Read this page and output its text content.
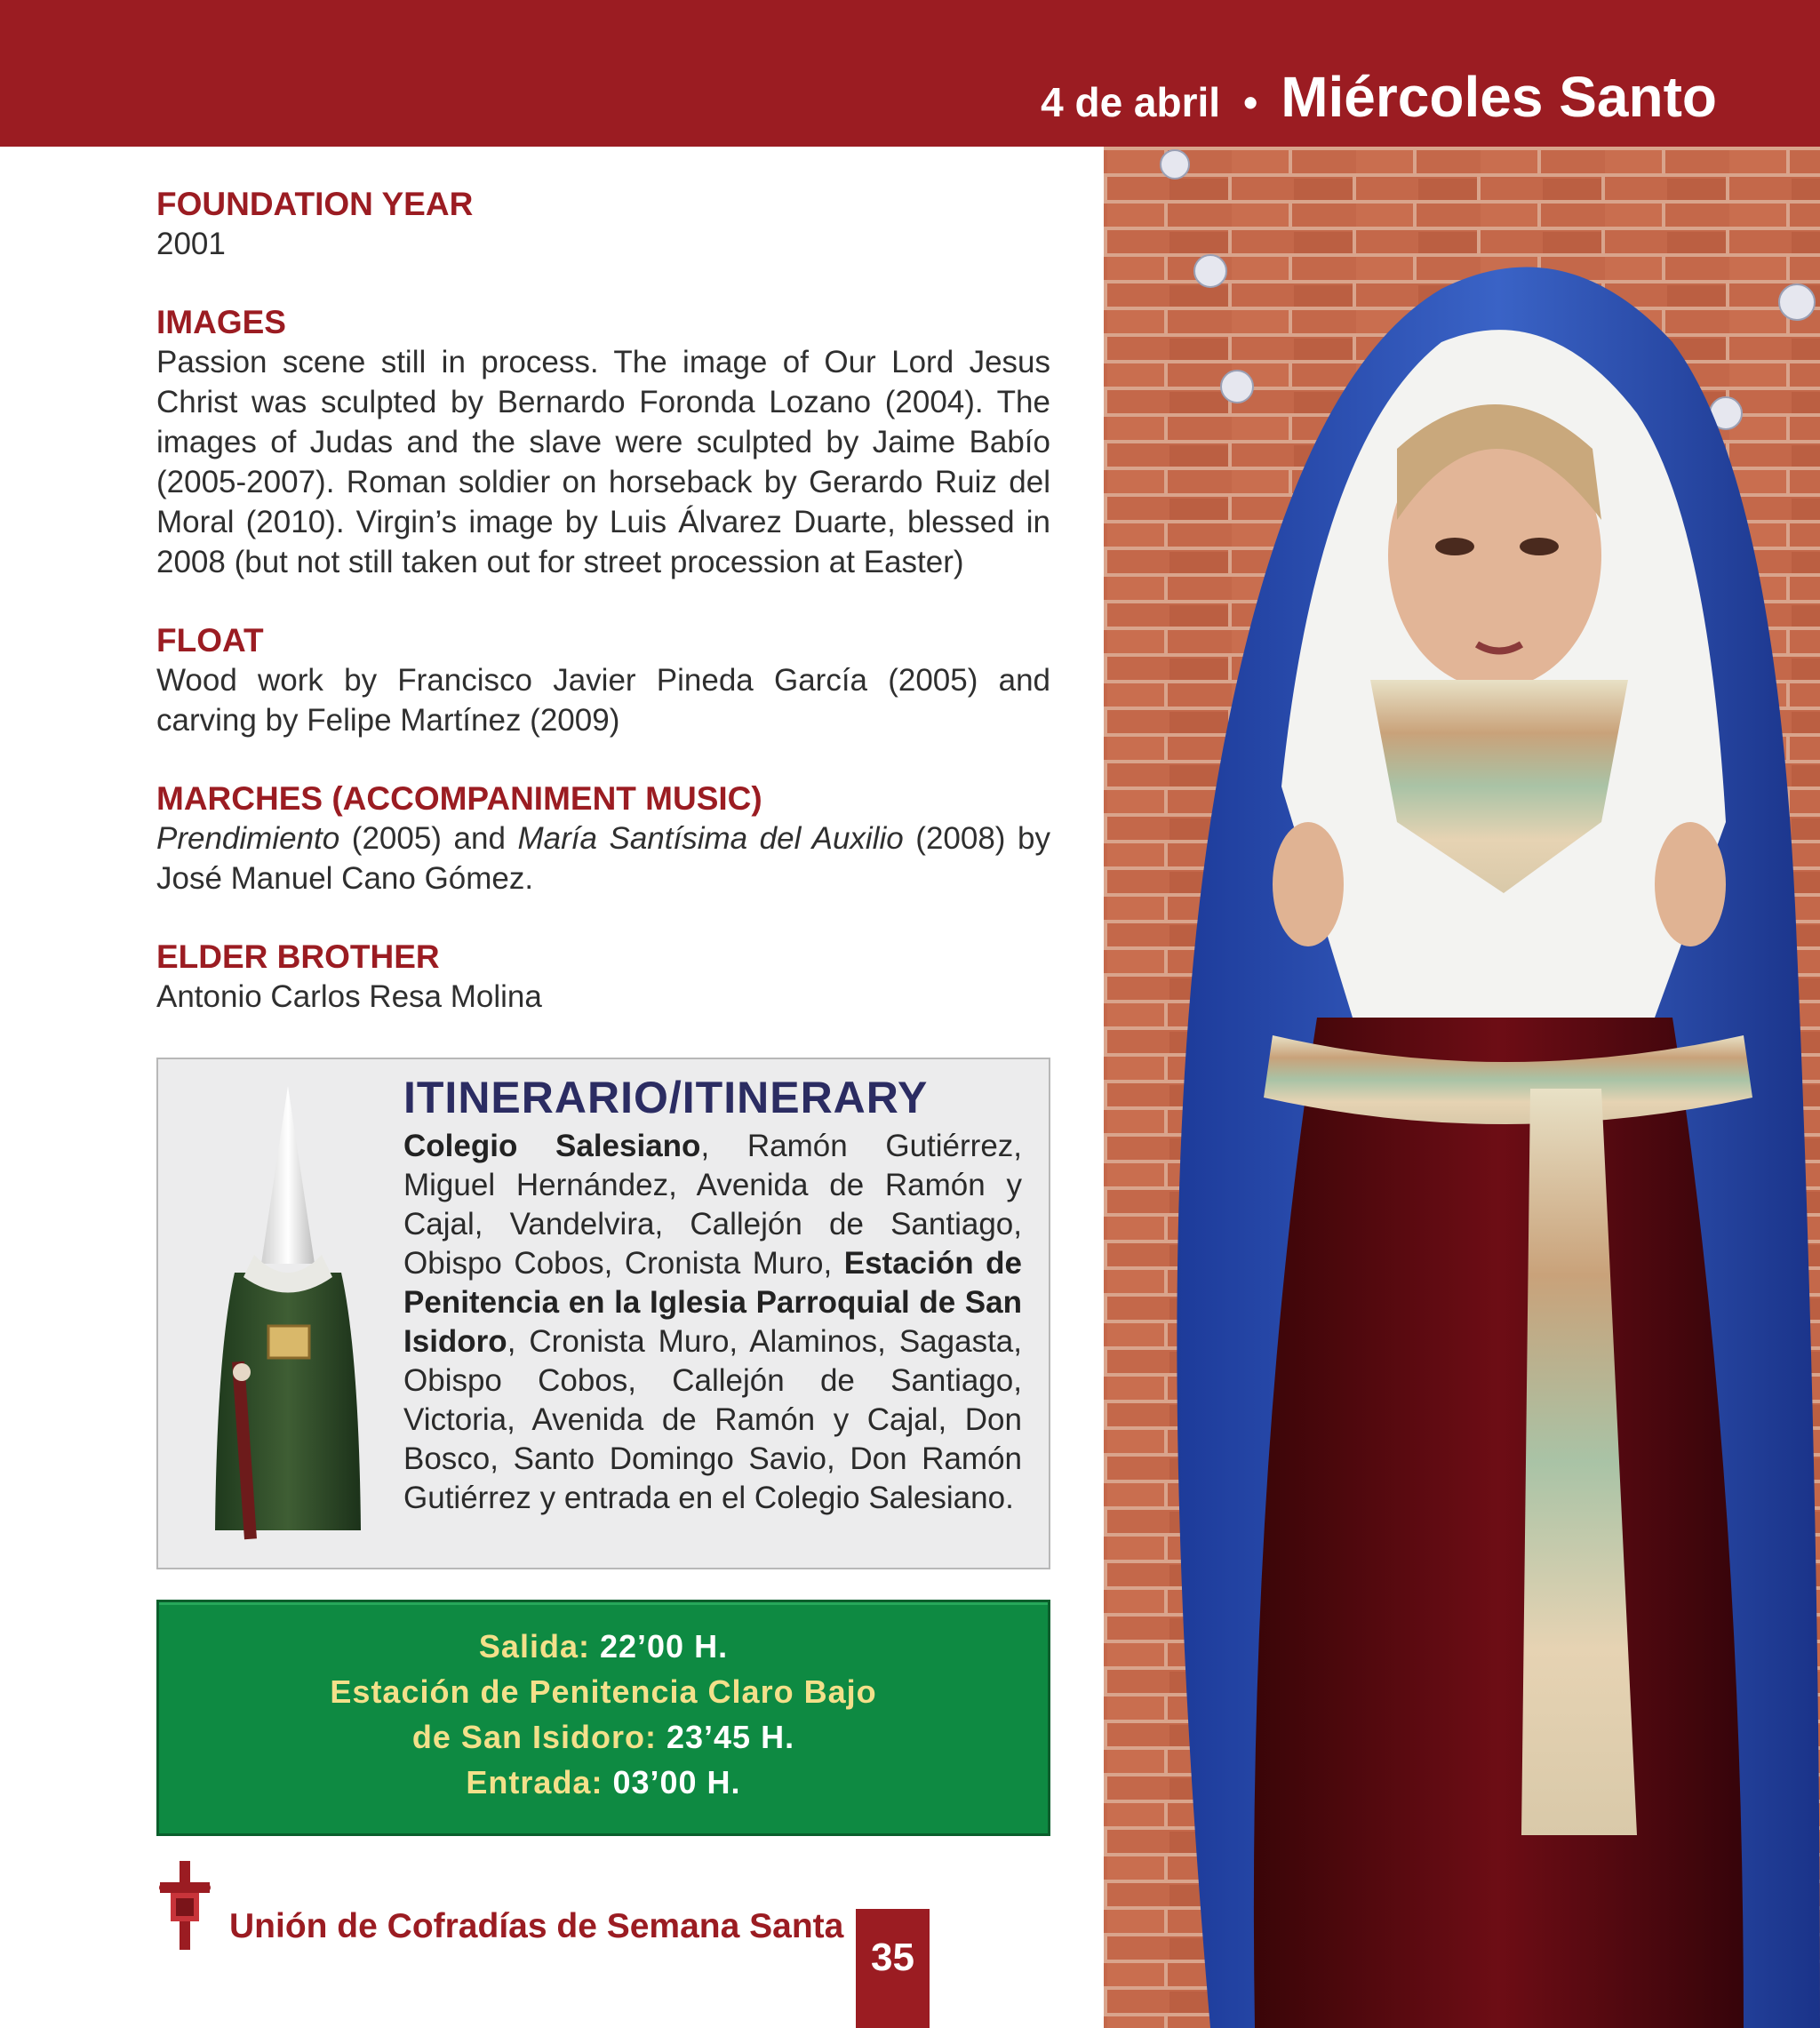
4 de abril • Miércoles Santo
FOUNDATION YEAR
2001
IMAGES
Passion scene still in process. The image of Our Lord Jesus Christ was sculpted by Bernardo Foronda Lozano (2004). The images of Judas and the slave were sculpted by Jaime Babío (2005-2007). Roman soldier on horseback by Gerardo Ruiz del Moral (2010). Virgin’s image by Luis Álvarez Duarte, blessed in 2008 (but not still taken out for street procession at Easter)
FLOAT
Wood work by Francisco Javier Pineda García (2005) and carving by Felipe Martínez (2009)
MARCHES (ACCOMPANIMENT MUSIC)
Prendimiento (2005) and María Santísima del Auxilio (2008) by José Manuel Cano Gómez.
ELDER BROTHER
Antonio Carlos Resa Molina
ITINERARIO/ITINERARY
Colegio Salesiano, Ramón Gutiérrez, Miguel Hernández, Avenida de Ramón y Cajal, Vandelvira, Callejón de Santiago, Obispo Cobos, Cronista Muro, Estación de Penitencia en la Iglesia Parroquial de San Isidoro, Cronista Muro, Alaminos, Sagasta, Obispo Cobos, Callejón de Santiago, Victoria, Avenida de Ramón y Cajal, Don Bosco, Santo Domingo Savio, Don Ramón Gutiérrez y entrada en el Colegio Salesiano.
Salida: 22’00 H.
Estación de Penitencia Claro Bajo
de San Isidoro: 23’45 H.
Entrada: 03’00 H.
Unión de Cofradías de Semana Santa
35
